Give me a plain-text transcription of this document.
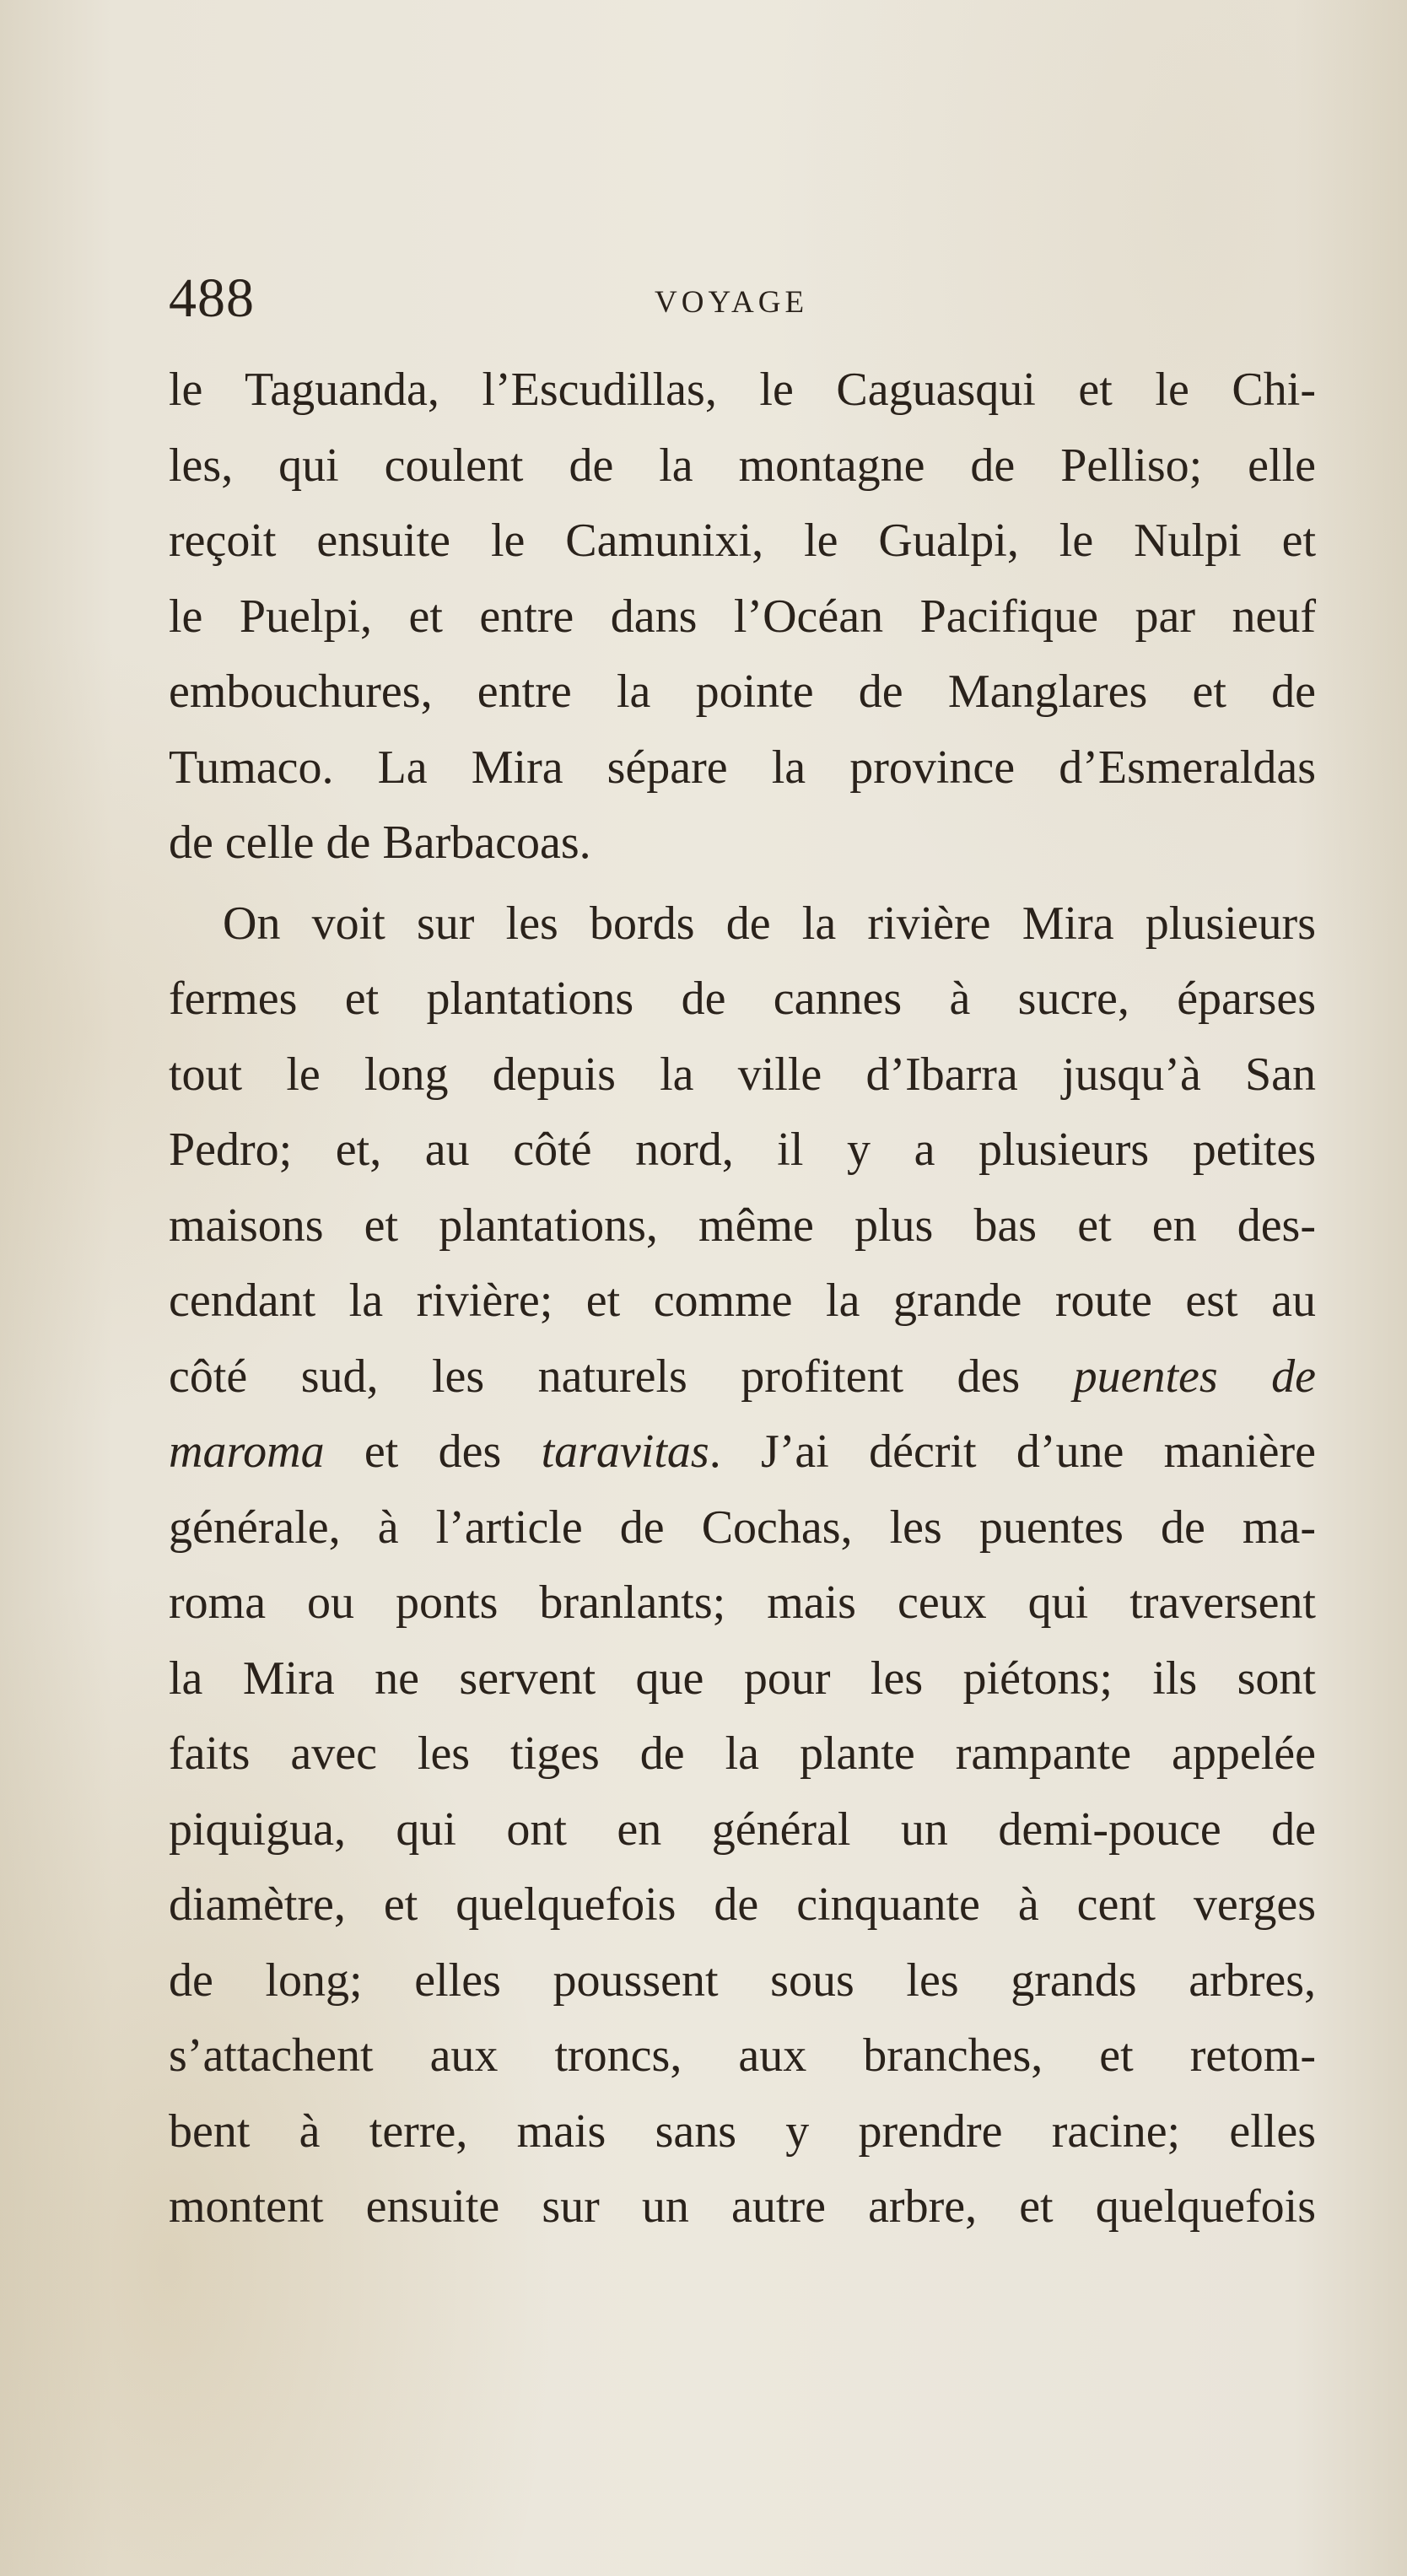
488	VOYAGE
le Taguanda, l’Escudillas, le Caguasqui et le Chi-
les, qui coulent de la montagne de Pelliso; elle
reçoit ensuite le Camunixi, le Gualpi, le Nulpi et
le Puelpi, et entre dans l’Océan Pacifique par neuf
embouchures, entre la pointe de Manglares et de
Tumaco. La Mira sépare la province d’Esmeraldas
de celle de Barbacoas.
On voit sur les bords de la rivière Mira plusieurs
fermes et plantations de cannes à sucre, éparses
tout le long depuis la ville d’Ibarra jusqu’à San
Pedro; et, au côté nord, il y a plusieurs petites
maisons et plantations, même plus bas et en des-
cendant la rivière; et comme la grande route est au
côté sud, les naturels profitent des puentes de
maroma et des taravitas. J’ai décrit d’une manière
générale, à l’article de Cochas, les puentes de ma-
roma ou ponts branlants; mais ceux qui traversent
la Mira ne servent que pour les piétons; ils sont
faits avec les tiges de la plante rampante appelée
piquigua, qui ont en général un demi-pouce de
diamètre, et quelquefois de cinquante à cent verges
de long; elles poussent sous les grands arbres,
s’attachent aux troncs, aux branches, et retom-
bent à terre, mais sans y prendre racine; elles
montent ensuite sur un autre arbre, et quelquefois
